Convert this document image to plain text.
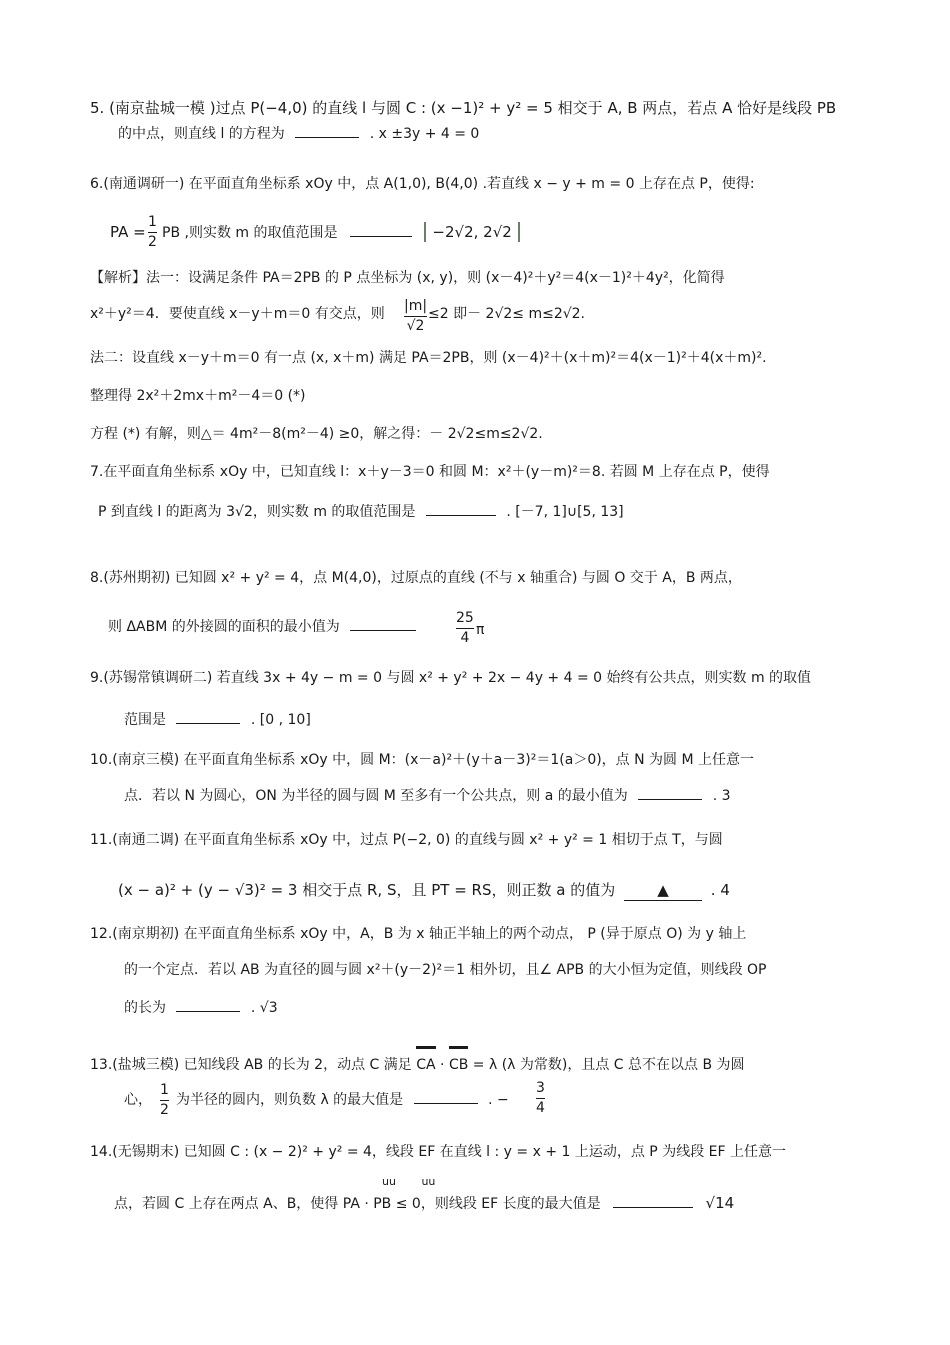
5. (南京盐城一模 )过点 P(−4,0) 的直线 l 与圆 C : (x −1)² + y² = 5 相交于 A, B 两点，若点 A 恰好是线段 PB
的中点，则直线 l 的方程为	. x ±3y + 4 = 0
6.(南通调研一) 在平面直角坐标系 xOy 中，点 A(1,0), B(4,0) .若直线 x − y + m = 0 上存在点 P，使得:
PA =
1
2
PB ,则实数 m 的取值范围是	−2√2, 2√2
【解析】法一：设满足条件 PA＝2PB 的 P 点坐标为 (x, y)，则 (x－4)²＋y²＝4(x－1)²＋4y²，化简得
x²＋y²＝4．要使直线 x－y＋m＝0 有交点，则 |m|
√2
≤2 即－ 2√2≤ m≤2√2.
法二：设直线 x－y＋m＝0 有一点 (x, x＋m) 满足 PA＝2PB，则 (x－4)²＋(x＋m)²＝4(x－1)²＋4(x＋m)².
整理得 2x²＋2mx＋m²－4＝0 (*)
方程 (*) 有解，则△＝ 4m²－8(m²－4) ≥0，解之得：－ 2√2≤m≤2√2.
7.在平面直角坐标系 xOy 中，已知直线 l：x＋y－3＝0 和圆 M：x²＋(y－m)²＝8. 若圆 M 上存在点 P，使得
P 到直线 l 的距离为 3√2，则实数 m 的取值范围是	. [－7, 1]∪[5, 13]
8.(苏州期初) 已知圆 x² + y² = 4，点 M(4,0)，过原点的直线 (不与 x 轴重合) 与圆 O 交于 A，B 两点，
则 ΔABM 的外接圆的面积的最小值为
25
4 π
9.(苏锡常镇调研二) 若直线 3x + 4y − m = 0 与圆 x² + y² + 2x − 4y + 4 = 0 始终有公共点，则实数 m 的取值
范围是	. [0 , 10]
10.(南京三模) 在平面直角坐标系 xOy 中，圆 M：(x－a)²＋(y＋a－3)²＝1(a＞0)，点 N 为圆 M 上任意一
点．若以 N 为圆心，ON 为半径的圆与圆 M 至多有一个公共点，则 a 的最小值为	. 3
11.(南通二调) 在平面直角坐标系 xOy 中，过点 P(−2, 0) 的直线与圆 x² + y² = 1 相切于点 T，与圆
(x − a)² + (y − √3)² = 3 相交于点 R, S，且 PT = RS，则正数 a 的值为	▲	. 4
12.(南京期初) 在平面直角坐标系 xOy 中，A，B 为 x 轴正半轴上的两个动点， P (异于原点 O) 为 y 轴上
的一个定点．若以 AB 为直径的圆与圆 x²＋(y－2)²＝1 相外切，且∠ APB 的大小恒为定值，则线段 OP
的长为	. √3
13.(盐城三模) 已知线段 AB 的长为 2，动点 C 满足 CA · CB = λ (λ 为常数)，且点 C 总不在以点 B 为圆
心，
1
2
为半径的圆内，则负数 λ 的最大值是	. −
3
4
14.(无锡期末) 已知圆 C : (x − 2)² + y² = 4，线段 EF 在直线 l : y = x + 1 上运动，点 P 为线段 EF 上任意一
uu uu
点，若圆 C 上存在两点 A、B，使得 PA · PB ≤ 0，则线段 EF 长度的最大值是	√14
